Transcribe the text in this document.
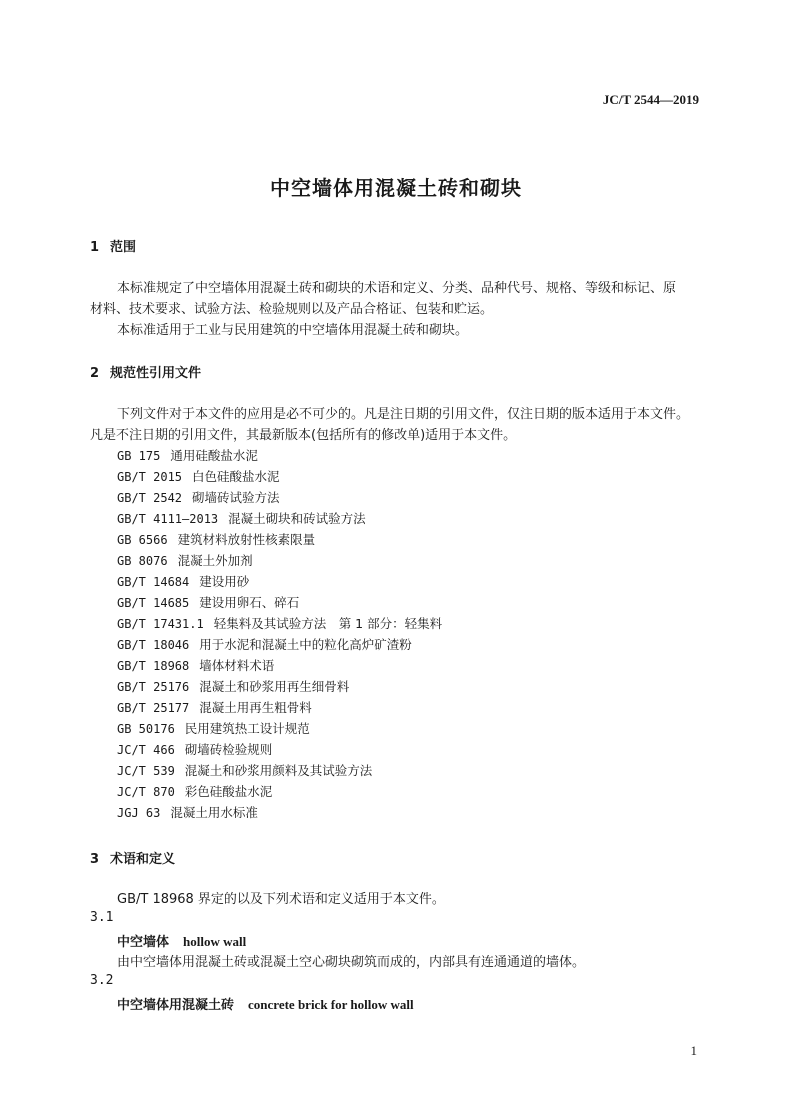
JC/T 2544—2019
中空墙体用混凝土砖和砌块
1 范围
本标准规定了中空墙体用混凝土砖和砌块的术语和定义、分类、品种代号、规格、等级和标记、原
材料、技术要求、试验方法、检验规则以及产品合格证、包装和贮运。
本标准适用于工业与民用建筑的中空墙体用混凝土砖和砌块。
2 规范性引用文件
下列文件对于本文件的应用是必不可少的。凡是注日期的引用文件，仅注日期的版本适用于本文件。
凡是不注日期的引用文件，其最新版本(包括所有的修改单)适用于本文件。
GB 175 通用硅酸盐水泥
GB/T 2015 白色硅酸盐水泥
GB/T 2542 砌墙砖试验方法
GB/T 4111—2013 混凝土砌块和砖试验方法
GB 6566 建筑材料放射性核素限量
GB 8076 混凝土外加剂
GB/T 14684 建设用砂
GB/T 14685 建设用卵石、碎石
GB/T 17431.1 轻集料及其试验方法　第 1 部分：轻集料
GB/T 18046 用于水泥和混凝土中的粒化高炉矿渣粉
GB/T 18968 墙体材料术语
GB/T 25176 混凝土和砂浆用再生细骨料
GB/T 25177 混凝土用再生粗骨料
GB 50176 民用建筑热工设计规范
JC/T 466 砌墙砖检验规则
JC/T 539 混凝土和砂浆用颜料及其试验方法
JC/T 870 彩色硅酸盐水泥
JGJ 63 混凝土用水标准
3 术语和定义
GB/T 18968 界定的以及下列术语和定义适用于本文件。
3.1
中空墙体 hollow wall
由中空墙体用混凝土砖或混凝土空心砌块砌筑而成的，内部具有连通通道的墙体。
3.2
中空墙体用混凝土砖 concrete brick for hollow wall
1
